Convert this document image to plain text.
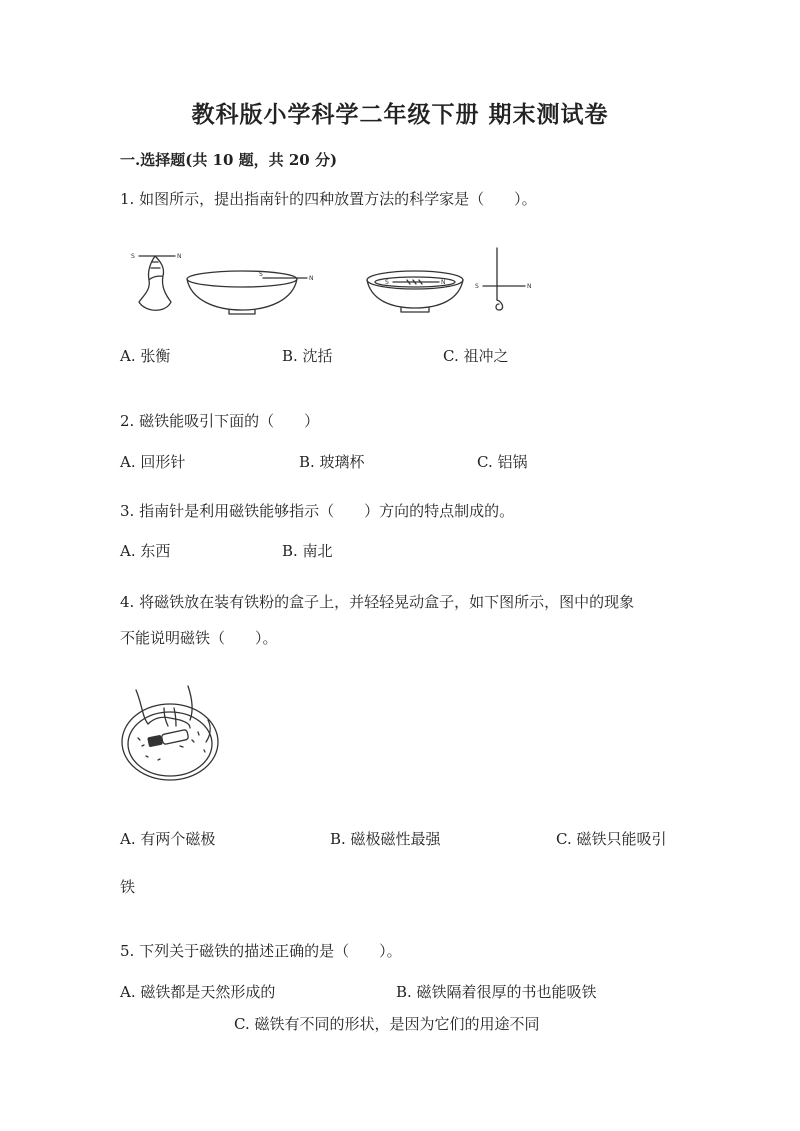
教科版小学科学二年级下册 期末测试卷
一.选择题(共 10 题，共 20 分)
1. 如图所示，提出指南针的四种放置方法的科学家是（　　）。
S	N
S
N
S	N
S	N
A. 张衡	B. 沈括	C. 祖冲之
2. 磁铁能吸引下面的（　　）
A. 回形针	B. 玻璃杯	C. 铝锅
3. 指南针是利用磁铁能够指示（　　）方向的特点制成的。
A. 东西	B. 南北
4. 将磁铁放在装有铁粉的盒子上，并轻轻晃动盒子，如下图所示，图中的现象
不能说明磁铁（　　）。
A. 有两个磁极	B. 磁极磁性最强	C. 磁铁只能吸引
铁
5. 下列关于磁铁的描述正确的是（　　）。
A. 磁铁都是天然形成的	B. 磁铁隔着很厚的书也能吸铁
C. 磁铁有不同的形状，是因为它们的用途不同
